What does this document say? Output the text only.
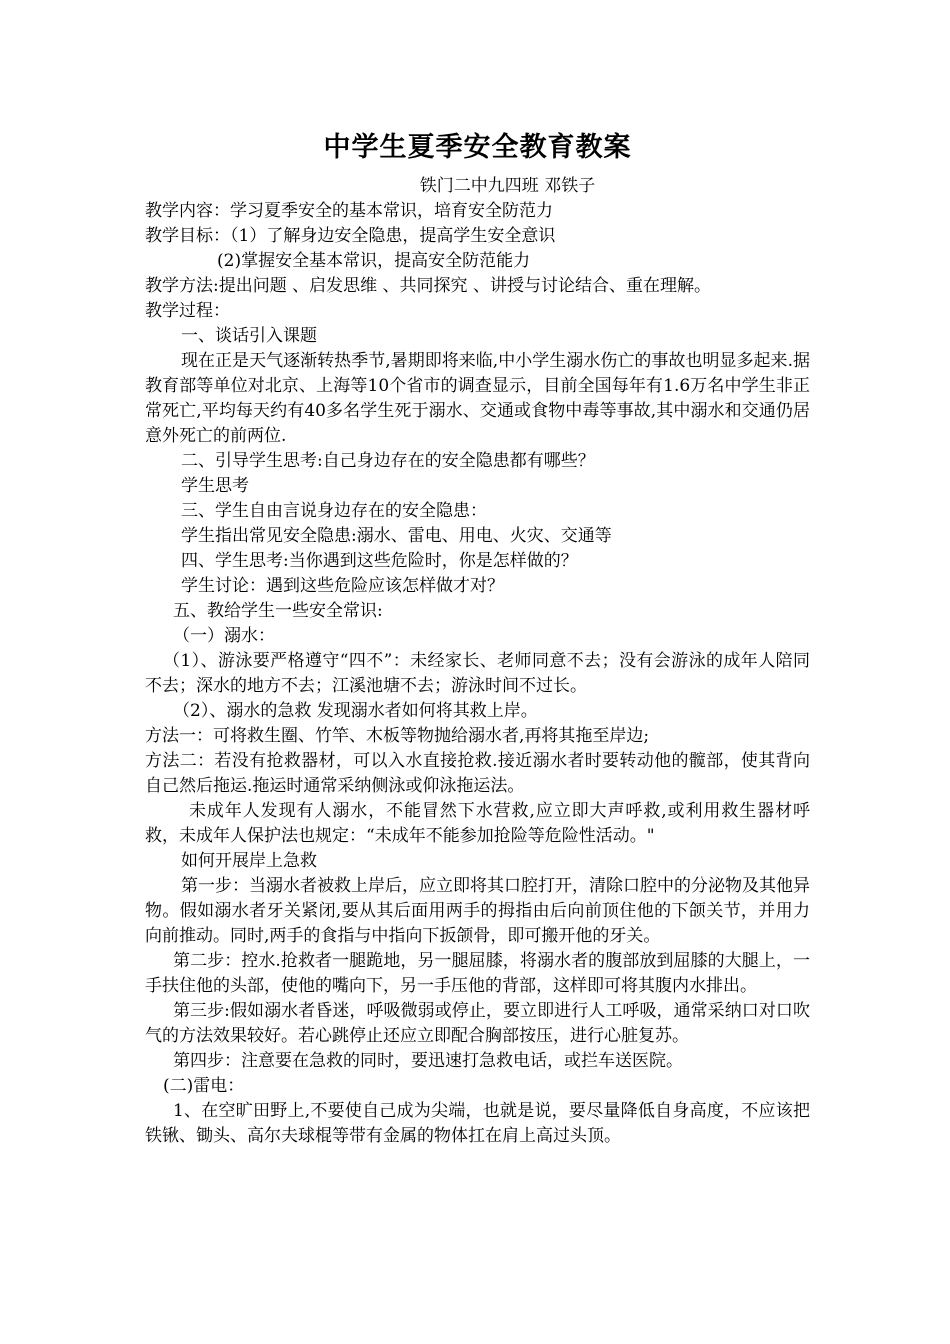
中学生夏季安全教育教案
铁门二中九四班 邓铁子

教学内容：学习夏季安全的基本常识，培育安全防范力

教学目标：（1）了解身边安全隐患，提高学生安全意识

(2)掌握安全基本常识，提高安全防范能力

教学方法:提出问题 、启发思维 、共同探究 、讲授与讨论结合、重在理解。

教学过程：

一、谈话引入课题

现在正是天气逐渐转热季节,暑期即将来临,中小学生溺水伤亡的事故也明显多起来.据教育部等单位对北京、上海等10个省市的调查显示，目前全国每年有1.6万名中学生非正常死亡,平均每天约有40多名学生死于溺水、交通或食物中毒等事故,其中溺水和交通仍居意外死亡的前两位.

二、引导学生思考:自己身边存在的安全隐患都有哪些？

学生思考

三、学生自由言说身边存在的安全隐患：

学生指出常见安全隐患:溺水、雷电、用电、火灾、交通等

四、学生思考:当你遇到这些危险时，你是怎样做的？

学生讨论：遇到这些危险应该怎样做才对？

五、教给学生一些安全常识:

（一）溺水：

（1）、游泳要严格遵守“四不”：未经家长、老师同意不去；没有会游泳的成年人陪同不去；深水的地方不去；江溪池塘不去；游泳时间不过长。

（2）、溺水的急救 发现溺水者如何将其救上岸。

方法一：可将救生圈、竹竿、木板等物抛给溺水者,再将其拖至岸边;

方法二：若没有抢救器材，可以入水直接抢救.接近溺水者时要转动他的髋部，使其背向自己然后拖运.拖运时通常采纳侧泳或仰泳拖运法。

未成年人发现有人溺水，不能冒然下水营救,应立即大声呼救,或利用救生器材呼救，未成年人保护法也规定：“未成年不能参加抢险等危险性活动。"

如何开展岸上急救

第一步：当溺水者被救上岸后，应立即将其口腔打开，清除口腔中的分泌物及其他异物。假如溺水者牙关紧闭,要从其后面用两手的拇指由后向前顶住他的下颌关节，并用力向前推动。同时,两手的食指与中指向下扳颌骨，即可搬开他的牙关。

第二步：控水.抢救者一腿跪地，另一腿屈膝，将溺水者的腹部放到屈膝的大腿上，一手扶住他的头部，使他的嘴向下，另一手压他的背部，这样即可将其腹内水排出。

第三步:假如溺水者昏迷，呼吸微弱或停止，要立即进行人工呼吸，通常采纳口对口吹气的方法效果较好。若心跳停止还应立即配合胸部按压，进行心脏复苏。

第四步：注意要在急救的同时，要迅速打急救电话，或拦车送医院。

(二)雷电：

1、在空旷田野上,不要使自己成为尖端，也就是说，要尽量降低自身高度，不应该把铁锹、锄头、高尔夫球棍等带有金属的物体扛在肩上高过头顶。
